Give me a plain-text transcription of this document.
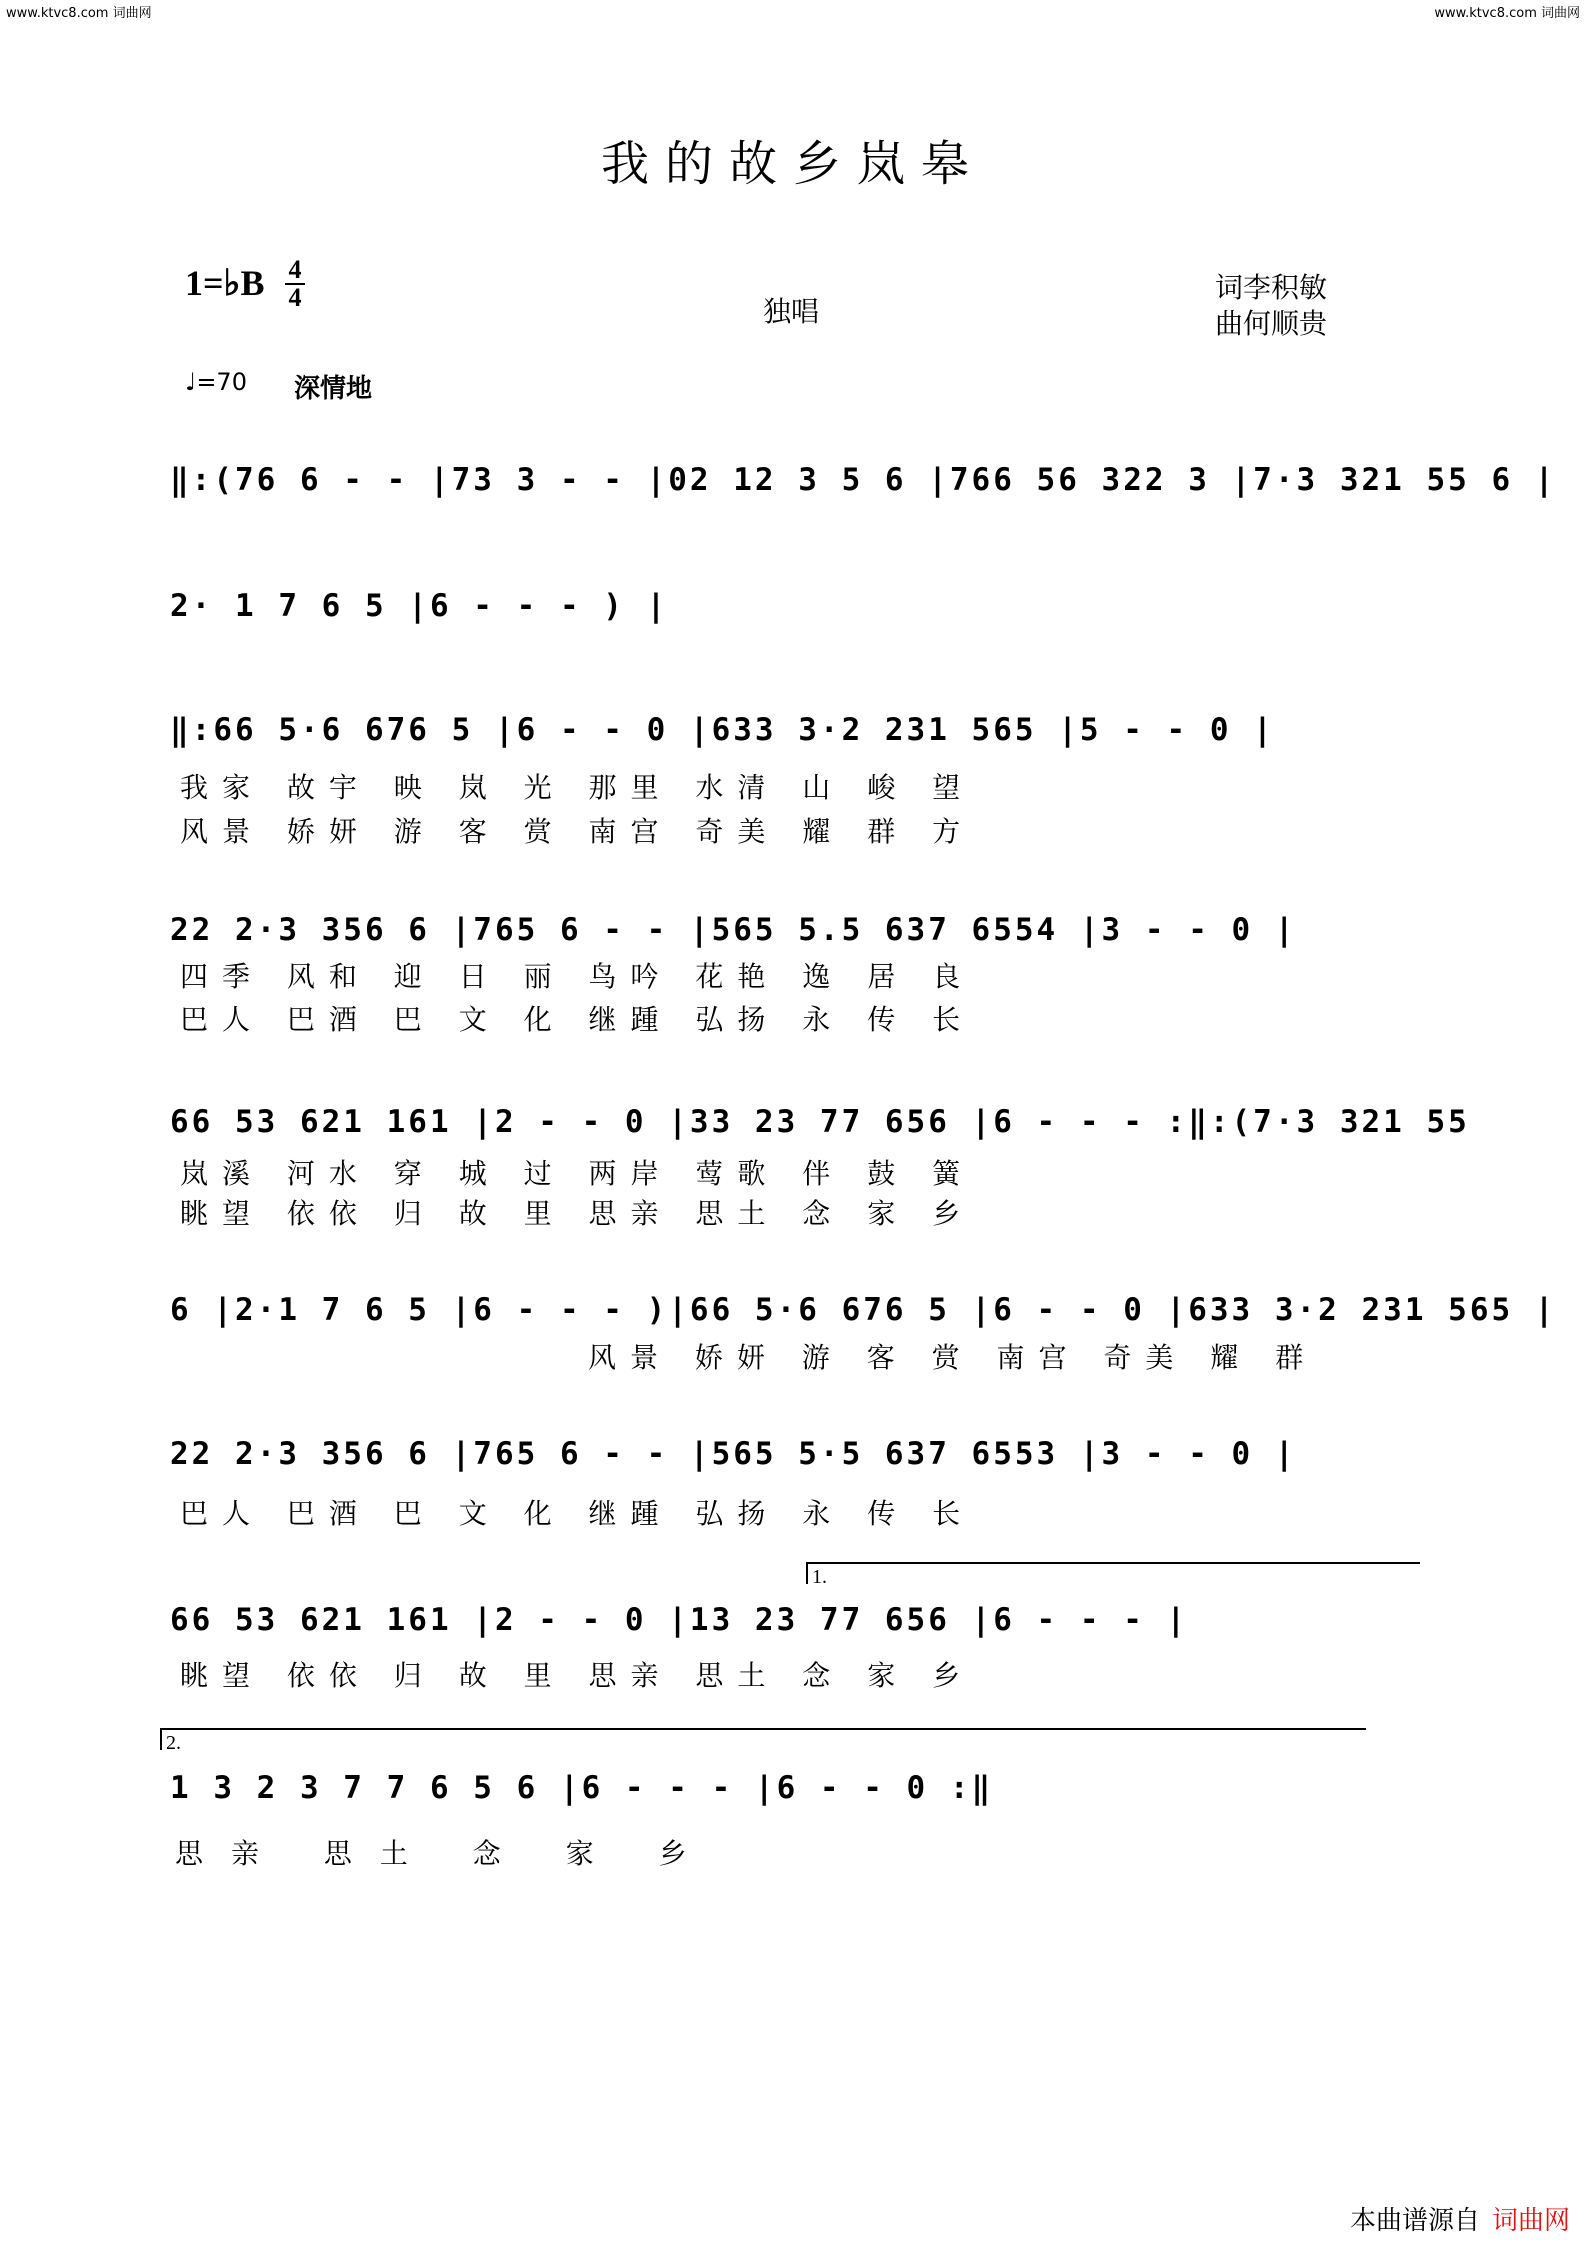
www.ktvc8.com 词曲网	www.ktvc8.com 词曲网
我的故乡岚皋
1=♭B 4
4	独唱
词李积敏
曲何顺贵
♩=70 深情地
‖:(76 6 - - |73 3 - - |02 12 3 5 6 |766 56 322 3 |7·3 321 55 6 |
2· 1 7 6 5 |6 - - - ) |
‖:66 5·6 676 5 |6 - - 0 |633 3·2 231 565 |5 - - 0 |
我家 故宇 映 岚 光 那里 水清 山 峻 望
风景 娇妍 游 客 赏 南宫 奇美 耀 群 方
22 2·3 356 6 |765 6 - - |565 5.5 637 6554 |3 - - 0 |
四季 风和 迎 日 丽 鸟吟 花艳 逸 居 良
巴人 巴酒 巴 文 化 继踵 弘扬 永 传 长
66 53 621 161 |2 - - 0 |33 23 77 656 |6 - - - :‖:(7·3 321 55
岚溪 河水 穿 城 过 两岸 莺歌 伴 鼓 簧
眺望 依依 归 故 里 思亲 思土 念 家 乡
6 |2·1 7 6 5 |6 - - - )|66 5·6 676 5 |6 - - 0 |633 3·2 231 565 |
风景 娇妍 游 客 赏 南宫 奇美 耀 群
22 2·3 356 6 |765 6 - - |565 5·5 637 6553 |3 - - 0 |
巴人 巴酒 巴 文 化 继踵 弘扬 永 传 长
1.
66 53 621 161 |2 - - 0 |13 23 77 656 |6 - - - |
眺望 依依 归 故 里 思亲 思土 念 家 乡
2.
1 3 2 3 7 7 6 5 6 |6 - - - |6 - - 0 :‖
思亲 思土 念 家 乡
本曲谱源自 词曲网
